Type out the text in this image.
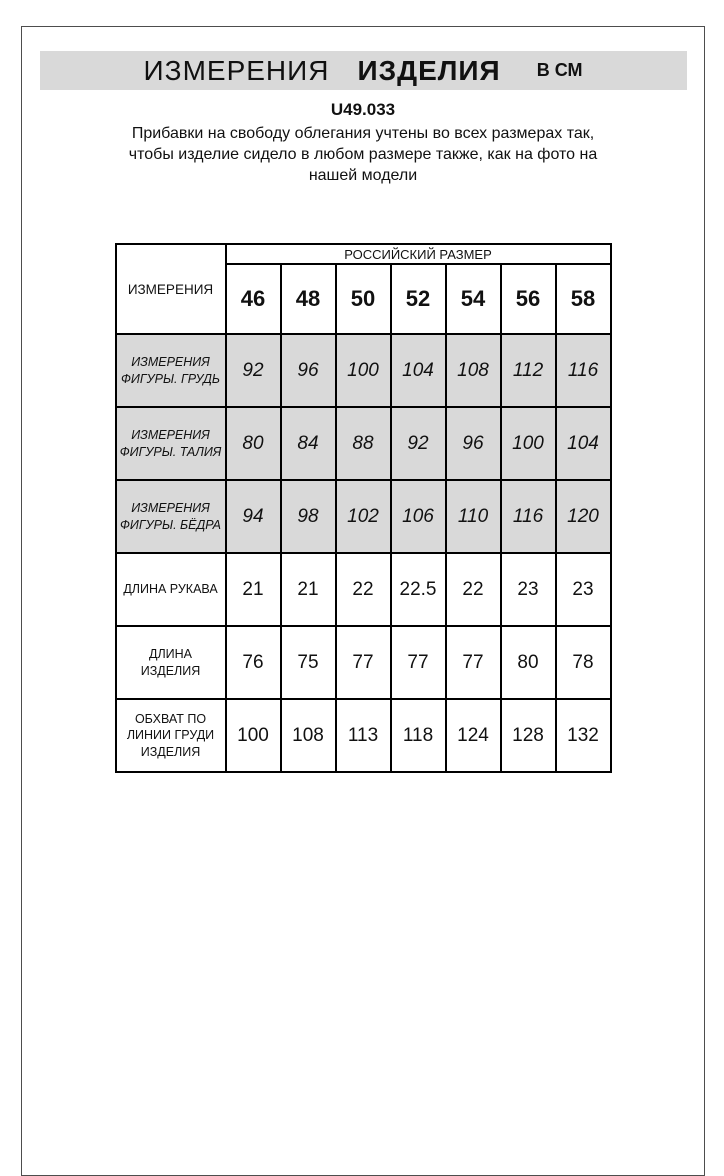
ИЗМЕРЕНИЯ ИЗДЕЛИЯ В СМ
U49.033
Прибавки на свободу облегания учтены во всех размерах так,
чтобы изделие сидело в любом размере также, как на фото на
нашей модели
ИЗМЕРЕНИЯ	РОССИЙСКИЙ РАЗМЕР						
	46	48	50	52	54	56	58
ИЗМЕРЕНИЯ ФИГУРЫ. ГРУДЬ	92	96	100	104	108	112	116
ИЗМЕРЕНИЯ ФИГУРЫ. ТАЛИЯ	80	84	88	92	96	100	104
ИЗМЕРЕНИЯ ФИГУРЫ. БЁДРА	94	98	102	106	110	116	120
ДЛИНА РУКАВА	21	21	22	22.5	22	23	23
ДЛИНА ИЗДЕЛИЯ	76	75	77	77	77	80	78
ОБХВАТ ПО ЛИНИИ ГРУДИ ИЗДЕЛИЯ	100	108	113	118	124	128	132
